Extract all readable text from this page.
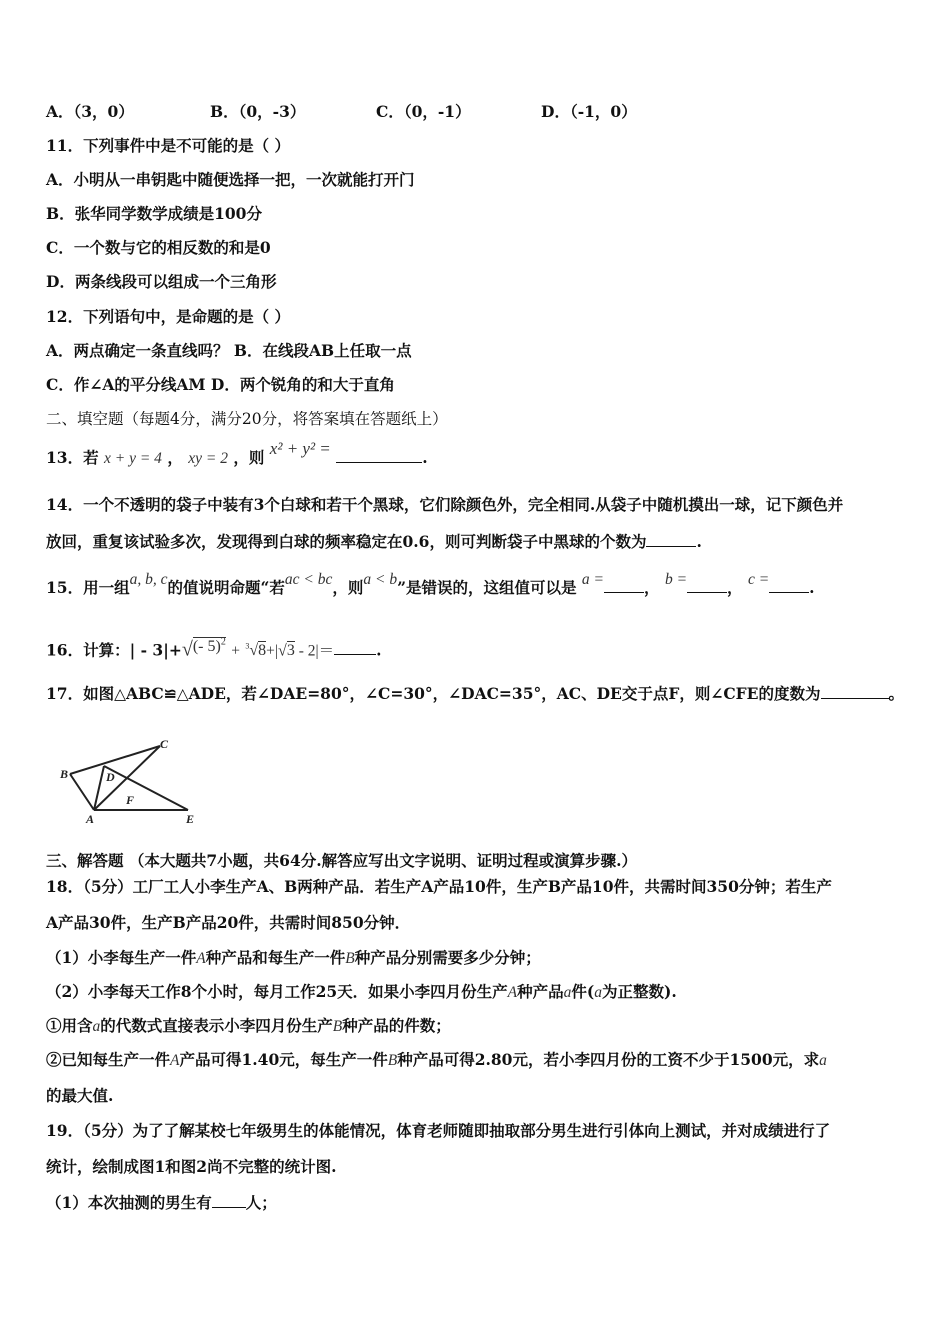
A．（3，0）	B．（0，-3）	C．（0，-1）	D．（-1，0）
11．下列事件中是不可能的是（ ）
A．小明从一串钥匙中随便选择一把，一次就能打开门
B．张华同学数学成绩是100分
C．一个数与它的相反数的和是0
D．两条线段可以组成一个三角形
12．下列语句中，是命题的是（ ）
A．两点确定一条直线吗？ B．在线段AB上任取一点
C．作∠A的平分线AM D．两个锐角的和大于直角
二、填空题（每题4分，满分20分，将答案填在答题纸上）
13．若 x + y = 4 ， xy = 2 ，则 x² + y² =	.
14．一个不透明的袋子中装有3个白球和若干个黑球，它们除颜色外，完全相同.从袋子中随机摸出一球，记下颜色并
放回，重复该试验多次，发现得到白球的频率稳定在0.6，则可判断袋子中黑球的个数为	.
15．用一组a, b, c的值说明命题“若ac < bc，则a < b”是错误的，这组值可以是 a =	， b =	， c =	.
16．计算：| - 3|+√(- 5)$^2$ + $^3$√8+|√3 - 2|＝	.
17．如图△ABC≌△ADE，若∠DAE=80°，∠C=30°，∠DAC=35°，AC、DE交于点F，则∠CFE的度数为	。
B
C
D
F
A	E
三、解答题 （本大题共7小题，共64分.解答应写出文字说明、证明过程或演算步骤.）
18．（5分）工厂工人小李生产A、B两种产品．若生产A产品10件，生产B产品10件，共需时间350分钟；若生产
A产品30件，生产B产品20件，共需时间850分钟．
（1）小李每生产一件A种产品和每生产一件B种产品分别需要多少分钟；
（2）小李每天工作8个小时，每月工作25天．如果小李四月份生产A种产品a件(a为正整数).
①用含a的代数式直接表示小李四月份生产B种产品的件数；
②已知每生产一件A产品可得1.40元，每生产一件B种产品可得2.80元，若小李四月份的工资不少于1500元，求a
的最大值.
19．（5分）为了了解某校七年级男生的体能情况，体育老师随即抽取部分男生进行引体向上测试，并对成绩进行了
统计，绘制成图1和图2尚不完整的统计图.
（1）本次抽测的男生有 人；
